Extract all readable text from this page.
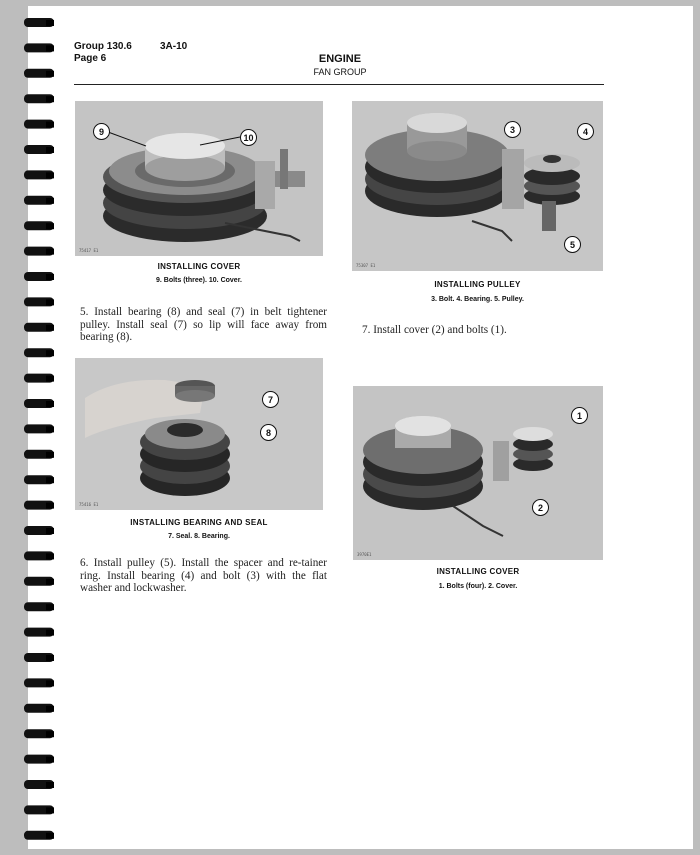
Group 130.6
Page 6
3A-10
ENGINE
FAN GROUP
75417 E1
9
10
INSTALLING COVER
9. Bolts (three). 10. Cover.
75307 E1
3	4
5
INSTALLING PULLEY
3. Bolt. 4. Bearing. 5. Pulley.
5. Install bearing (8) and seal (7) in belt tightener pulley. Install seal (7) so lip will face away from bearing (8).
7. Install cover (2) and bolts (1).
75416 E1
7
8
INSTALLING BEARING AND SEAL
7. Seal. 8. Bearing.
3970E1
1
2
INSTALLING COVER
1. Bolts (four). 2. Cover.
6. Install pulley (5). Install the spacer and re-tainer ring. Install bearing (4) and bolt (3) with the flat washer and lockwasher.
